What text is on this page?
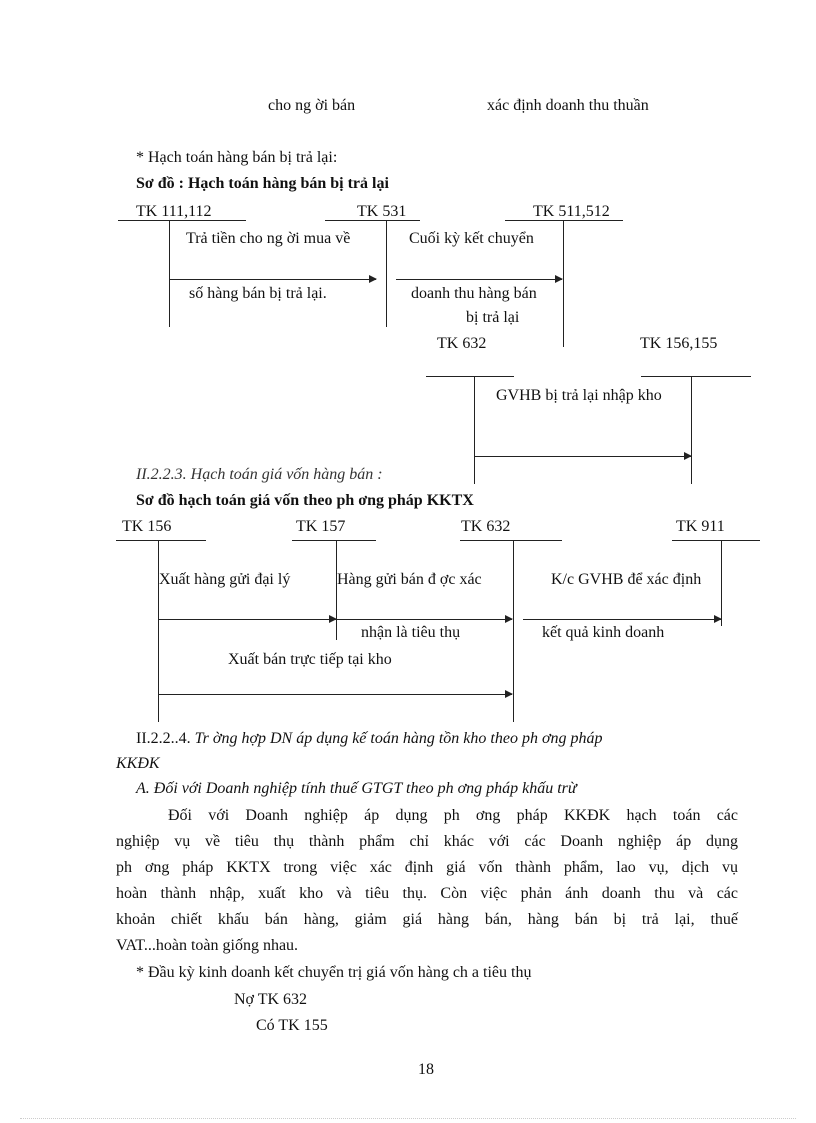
cho ng ời bán	xác định doanh thu thuần
* Hạch toán hàng bán bị trả lại:
Sơ đồ : Hạch toán hàng bán bị trả lại
TK 111,112	TK 531	TK 511,512
Trả tiền cho ng ời mua về	Cuối kỳ kết chuyển
số hàng bán bị trả lại.	doanh thu hàng bán
bị trả lại
TK 632	TK 156,155
GVHB bị trả lại nhập kho
II.2.2.3. Hạch toán giá vốn hàng bán :
Sơ đồ hạch toán giá vốn theo ph ơng pháp KKTX
TK 156	TK 157	TK 632	TK 911
Xuất hàng gửi đại lý	Hàng gửi bán đ ợc xác	K/c GVHB để xác định
nhận là tiêu thụ	kết quả kinh doanh
Xuất bán trực tiếp tại kho
II.2.2..4. Tr ờng hợp DN áp dụng kế toán hàng tồn kho theo ph ơng pháp
KKĐK
A. Đối với Doanh nghiệp tính thuế GTGT theo ph ơng pháp khấu trừ
Đối với Doanh nghiệp áp dụng ph ơng pháp KKĐK hạch toán các
nghiệp vụ về tiêu thụ thành phẩm chỉ khác với các Doanh nghiệp áp dụng
ph ơng pháp KKTX trong việc xác định giá vốn thành phẩm, lao vụ, dịch vụ
hoàn thành nhập, xuất kho và tiêu thụ. Còn việc phản ánh doanh thu và các
khoản chiết khấu bán hàng, giảm giá hàng bán, hàng bán bị trả lại, thuế
VAT...hoàn toàn giống nhau.
* Đầu kỳ kinh doanh kết chuyển trị giá vốn hàng ch a tiêu thụ
Nợ TK 632
Có TK 155
18
